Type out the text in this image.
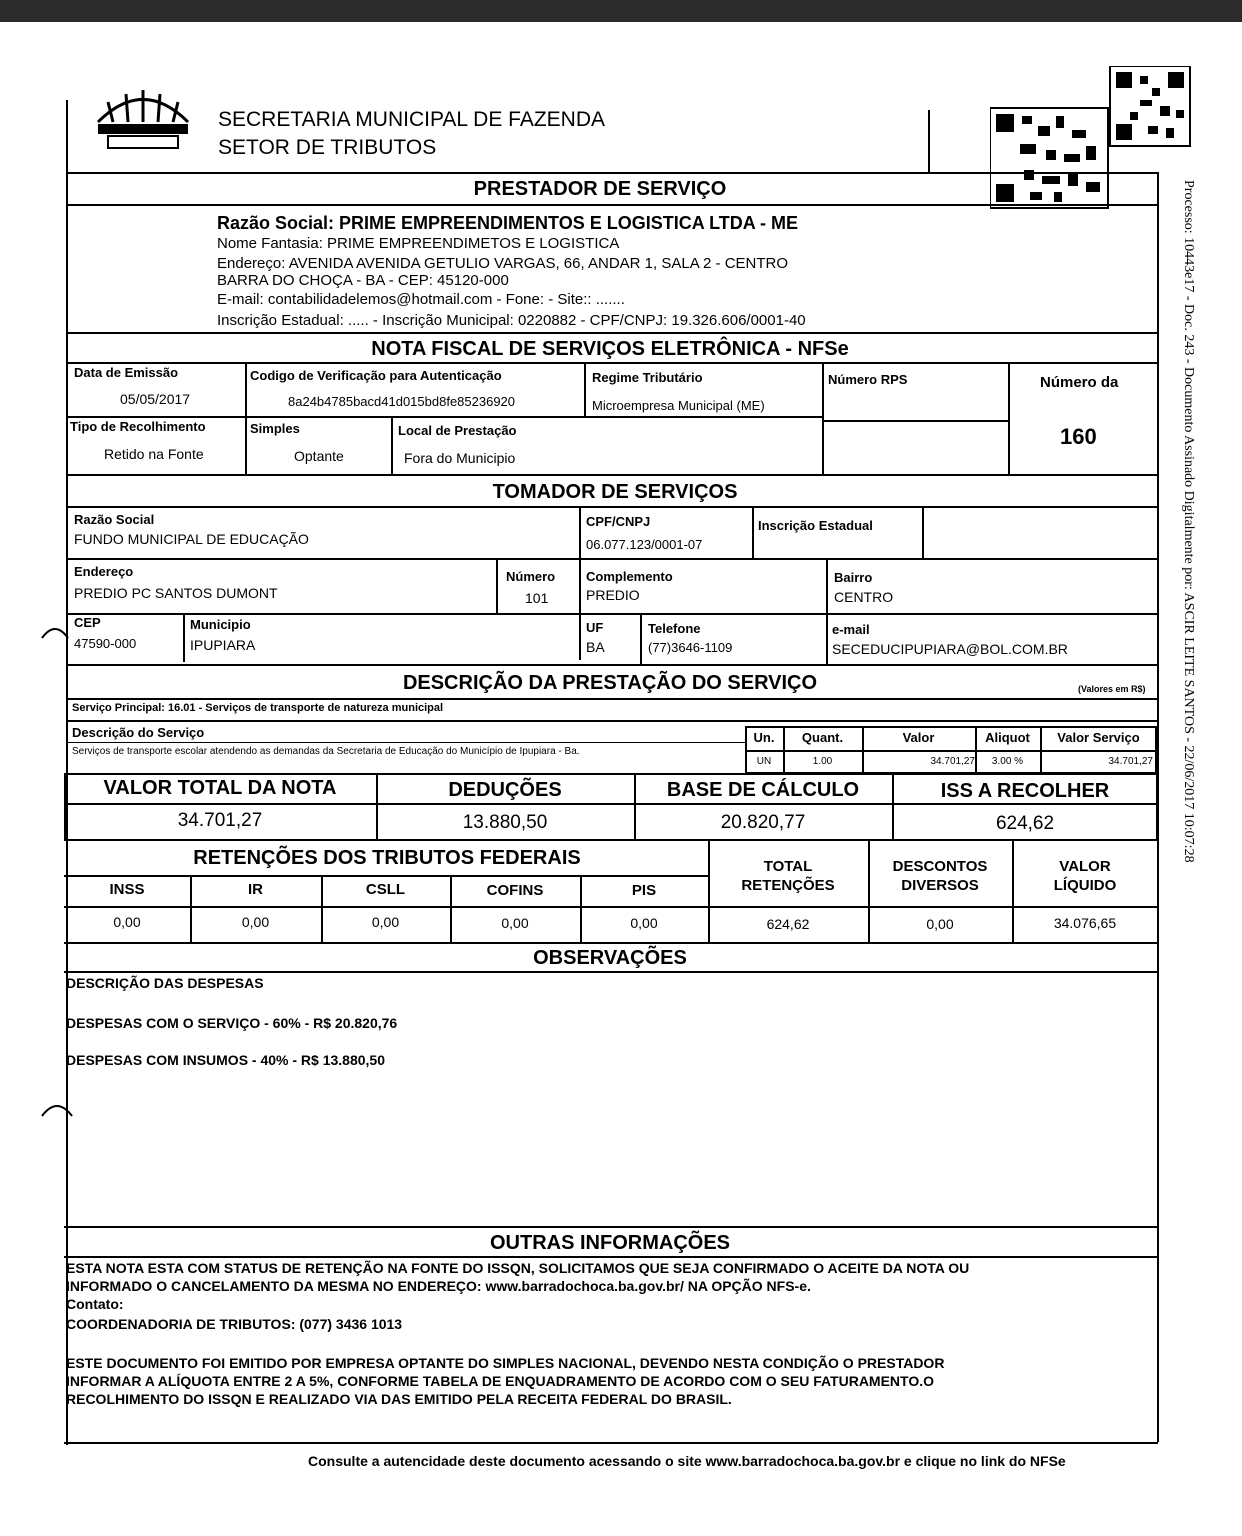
SECRETARIA MUNICIPAL DE FAZENDA
SETOR DE TRIBUTOS
PRESTADOR DE SERVIÇO
Razão Social: PRIME EMPREENDIMENTOS E LOGISTICA LTDA - ME
Nome Fantasia: PRIME EMPREENDIMETOS E LOGISTICA
Endereço: AVENIDA AVENIDA GETULIO VARGAS, 66, ANDAR 1, SALA 2 - CENTRO
BARRA DO CHOÇA - BA - CEP: 45120-000
E-mail: contabilidadelemos@hotmail.com - Fone: - Site:: .......
Inscrição Estadual: ..... - Inscrição Municipal: 0220882 - CPF/CNPJ: 19.326.606/0001-40
NOTA FISCAL DE SERVIÇOS ELETRÔNICA - NFSe
Data de Emissão
05/05/2017
Codigo de Verificação para Autenticação
8a24b4785bacd41d015bd8fe85236920
Regime Tributário
Microempresa Municipal (ME)
Número RPS	Número da
160
Tipo de Recolhimento
Retido na Fonte
Simples
Optante
Local de Prestação
Fora do Municipio
TOMADOR DE SERVIÇOS
Razão Social
FUNDO MUNICIPAL DE EDUCAÇÃO
CPF/CNPJ
06.077.123/0001-07
Inscrição Estadual
Endereço
PREDIO PC SANTOS DUMONT
Número
101
Complemento
PREDIO
Bairro
CENTRO
CEP
47590-000
Municipio
IPUPIARA
UF
BA
Telefone
(77)3646-1109
e-mail
SECEDUCIPUPIARA@BOL.COM.BR
DESCRIÇÃO DA PRESTAÇÃO DO SERVIÇO	(Valores em R$)
Serviço Principal: 16.01 - Serviços de transporte de natureza municipal
Descrição do Serviço
Serviços de transporte escolar atendendo as demandas da Secretaria de Educação do Município de Ipupiara - Ba.
Un.	Quant.	Valor	Aliquot	Valor Serviço
UN	1.00	34.701,27	3.00 %	34.701,27
VALOR TOTAL DA NOTA
34.701,27
DEDUÇÕES
13.880,50
BASE DE CÁLCULO
20.820,77
ISS A RECOLHER
624,62
RETENÇÕES DOS TRIBUTOS FEDERAIS
INSS	IR	CSLL	COFINS	PIS
0,00	0,00	0,00	0,00	0,00
TOTAL
RETENÇÕES
624,62
DESCONTOS
DIVERSOS
0,00
VALOR
LÍQUIDO
34.076,65
OBSERVAÇÕES
DESCRIÇÃO DAS DESPESAS
DESPESAS COM O SERVIÇO - 60% - R$ 20.820,76
DESPESAS COM INSUMOS - 40% - R$ 13.880,50
OUTRAS INFORMAÇÕES
ESTA NOTA ESTA COM STATUS DE RETENÇÃO NA FONTE DO ISSQN, SOLICITAMOS QUE SEJA CONFIRMADO O ACEITE DA NOTA OU
INFORMADO O CANCELAMENTO DA MESMA NO ENDEREÇO: www.barradochoca.ba.gov.br/ NA OPÇÃO NFS-e.
Contato:
COORDENADORIA DE TRIBUTOS: (077) 3436 1013
ESTE DOCUMENTO FOI EMITIDO POR EMPRESA OPTANTE DO SIMPLES NACIONAL, DEVENDO NESTA CONDIÇÃO O PRESTADOR
INFORMAR A ALÍQUOTA ENTRE 2 A 5%, CONFORME TABELA DE ENQUADRAMENTO DE ACORDO COM O SEU FATURAMENTO.O
RECOLHIMENTO DO ISSQN E REALIZADO VIA DAS EMITIDO PELA RECEITA FEDERAL DO BRASIL.
Consulte a autencidade deste documento acessando o site www.barradochoca.ba.gov.br e clique no link do NFSe
Processo: 10443e17 - Doc. 243 - Documento Assinado Digitalmente por: ASCIR LEITE SANTOS - 22/06/2017 10:07:28
